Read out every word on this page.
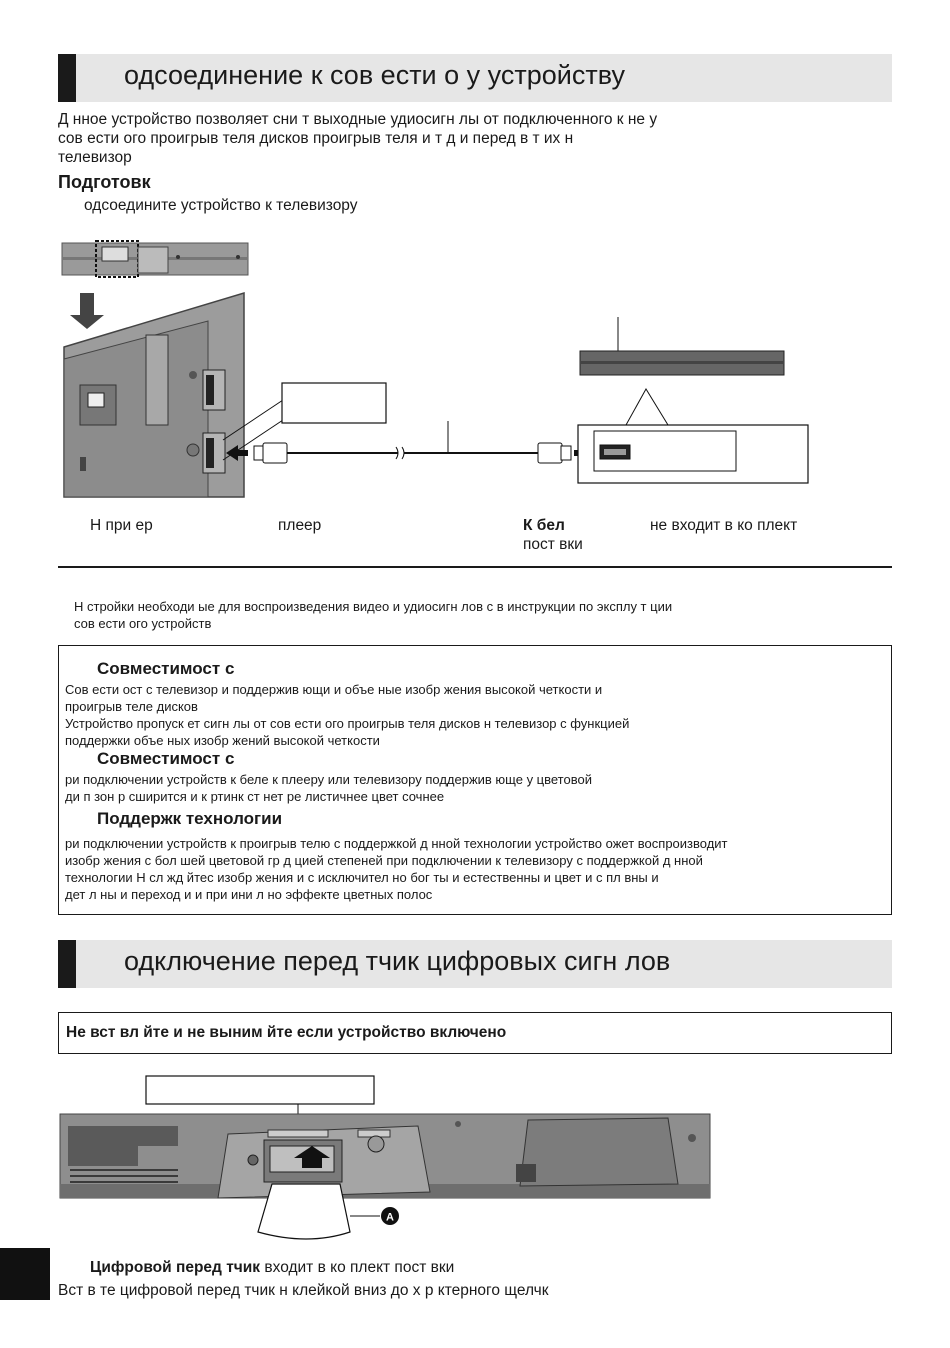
одсоединение к сов ести о у устройству
Д нное устройство позволяет сни т выходные удиосигн лы от подключенного к не у
сов ести ого проигрыв теля дисков проигрыв теля и т д и перед в т их н
телевизор
Подготовк
одсоедините устройство к телевизору
Н при ер	плеер	К бел	не входит в ко плект
пост вки
Н стройки необходи ые для воспроизведения видео и удиосигн лов с в инструкции по эксплу т ции
сов ести ого устройств
Совместимост с
Сов ести ост с телевизор и поддержив ющи и объе ные изобр жения высокой четкости и
проигрыв теле дисков
Устройство пропуск ет сигн лы от сов ести ого проигрыв теля дисков н телевизор с функцией
поддержки объе ных изобр жений высокой четкости
Совместимост с
ри подключении устройств к беле к плееру или телевизору поддержив юще у цветовой
ди п зон р сширится и к ртинк ст нет ре листичнее цвет сочнее
Поддержк технологии
ри подключении устройств к проигрыв телю с поддержкой д нной технологии устройство ожет воспроизводит
изобр жения с бол шей цветовой гр д цией степеней при подключении к телевизору с поддержкой д нной
технологии Н сл жд йтес изобр жения и с исключител но бог ты и естественны и цвет и с пл вны и
дет л ны и переход и и при ини л но эффекте цветных полос
одключение перед тчик цифровых сигн лов
Не вст вл йте и не выним йте если устройство включено
A
Цифровой перед тчик входит в ко плект пост вки
Вст в те цифровой перед тчик н клейкой вниз до х р ктерного щелчк
